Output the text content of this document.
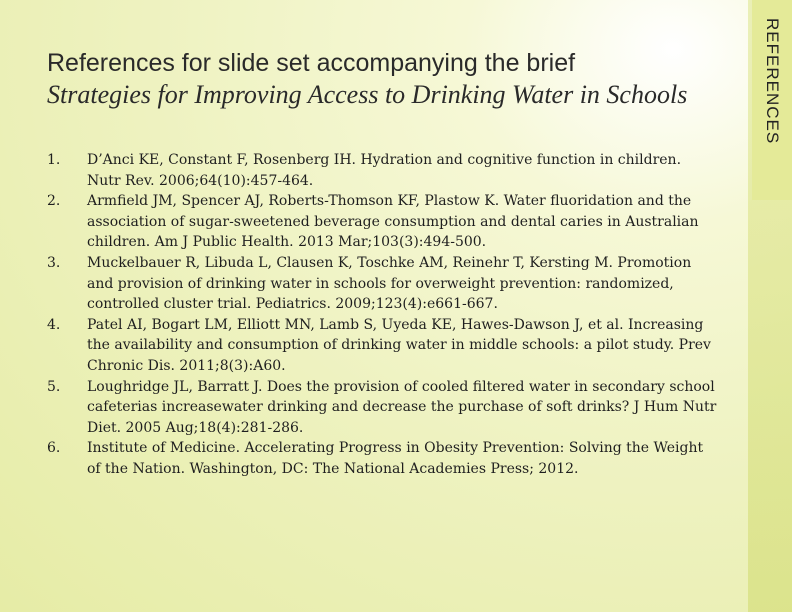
REFERENCES
References for slide set accompanying the brief
Strategies for Improving Access to Drinking Water in Schools
1.	D’Anci KE, Constant F, Rosenberg IH. Hydration and cognitive function in children. Nutr Rev. 2006;64(10):457-464.
2.	Armfield JM, Spencer AJ, Roberts-Thomson KF, Plastow K. Water fluoridation and the association of sugar-sweetened beverage consumption and dental caries in Australian children. Am J Public Health. 2013 Mar;103(3):494-500.
3.	Muckelbauer R, Libuda L, Clausen K, Toschke AM, Reinehr T, Kersting M. Promotion and provision of drinking water in schools for overweight prevention: randomized, controlled cluster trial. Pediatrics. 2009;123(4):e661-667.
4.	Patel AI, Bogart LM, Elliott MN, Lamb S, Uyeda KE, Hawes-Dawson J, et al. Increasing the availability and consumption of drinking water in middle schools: a pilot study. Prev Chronic Dis. 2011;8(3):A60.
5.	Loughridge JL, Barratt J. Does the provision of cooled filtered water in secondary school cafeterias increasewater drinking and decrease the purchase of soft drinks? J Hum Nutr Diet. 2005 Aug;18(4):281-286.
6.	Institute of Medicine. Accelerating Progress in Obesity Prevention: Solving the Weight of the Nation. Washington, DC: The National Academies Press; 2012.
